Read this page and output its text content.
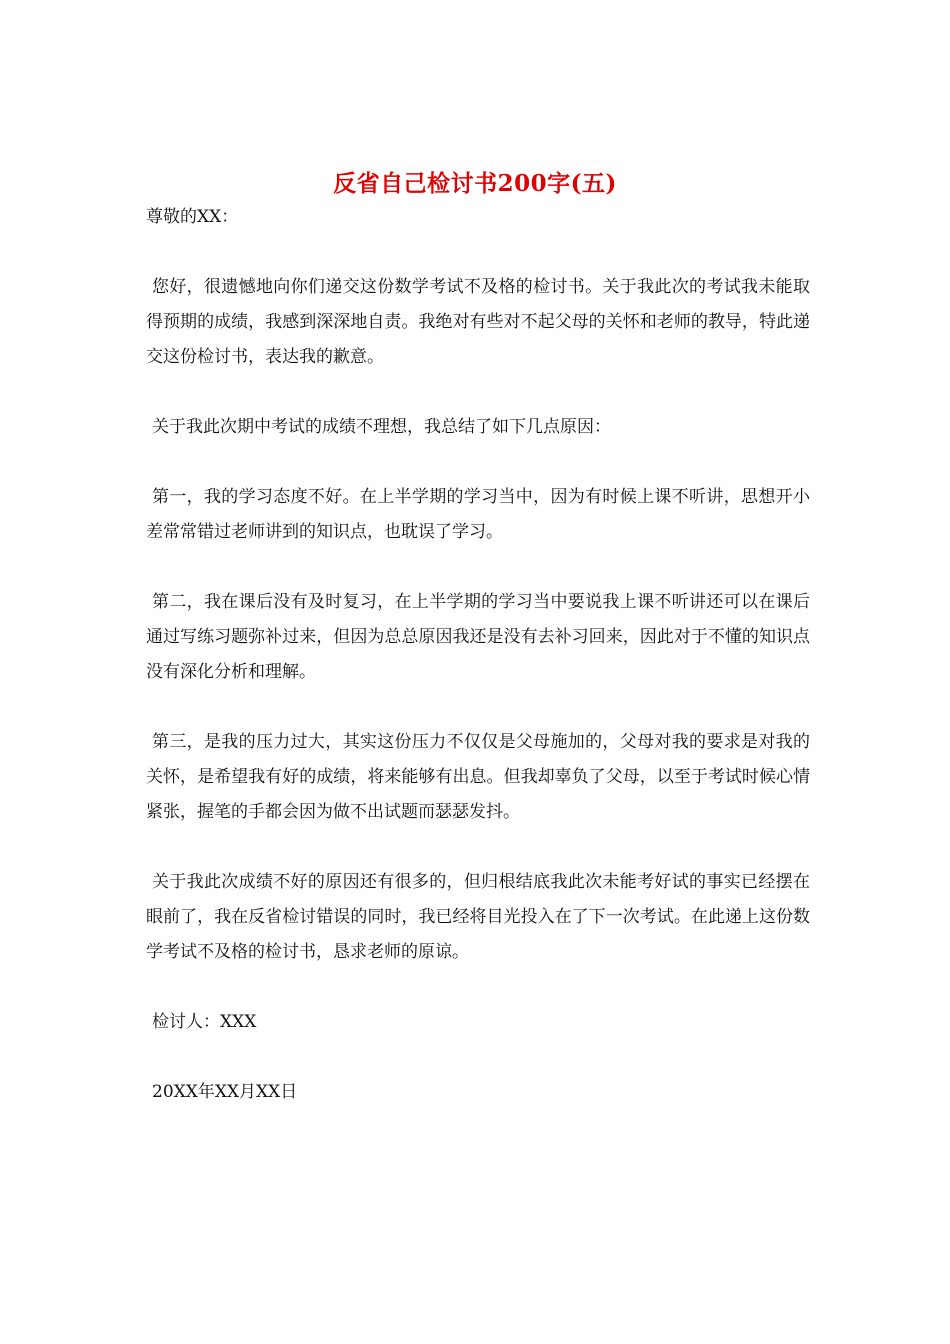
反省自己检讨书200字(五)

尊敬的XX：

您好，很遗憾地向你们递交这份数学考试不及格的检讨书。关于我此次的考试我未能取得预期的成绩，我感到深深地自责。我绝对有些对不起父母的关怀和老师的教导，特此递交这份检讨书，表达我的歉意。

关于我此次期中考试的成绩不理想，我总结了如下几点原因：

第一，我的学习态度不好。在上半学期的学习当中，因为有时候上课不听讲，思想开小差常常错过老师讲到的知识点，也耽误了学习。

第二，我在课后没有及时复习，在上半学期的学习当中要说我上课不听讲还可以在课后通过写练习题弥补过来，但因为总总原因我还是没有去补习回来，因此对于不懂的知识点没有深化分析和理解。

第三，是我的压力过大，其实这份压力不仅仅是父母施加的，父母对我的要求是对我的关怀，是希望我有好的成绩，将来能够有出息。但我却辜负了父母，以至于考试时候心情紧张，握笔的手都会因为做不出试题而瑟瑟发抖。

关于我此次成绩不好的原因还有很多的，但归根结底我此次未能考好试的事实已经摆在眼前了，我在反省检讨错误的同时，我已经将目光投入在了下一次考试。在此递上这份数学考试不及格的检讨书，恳求老师的原谅。

检讨人：XXX

20XX年XX月XX日
